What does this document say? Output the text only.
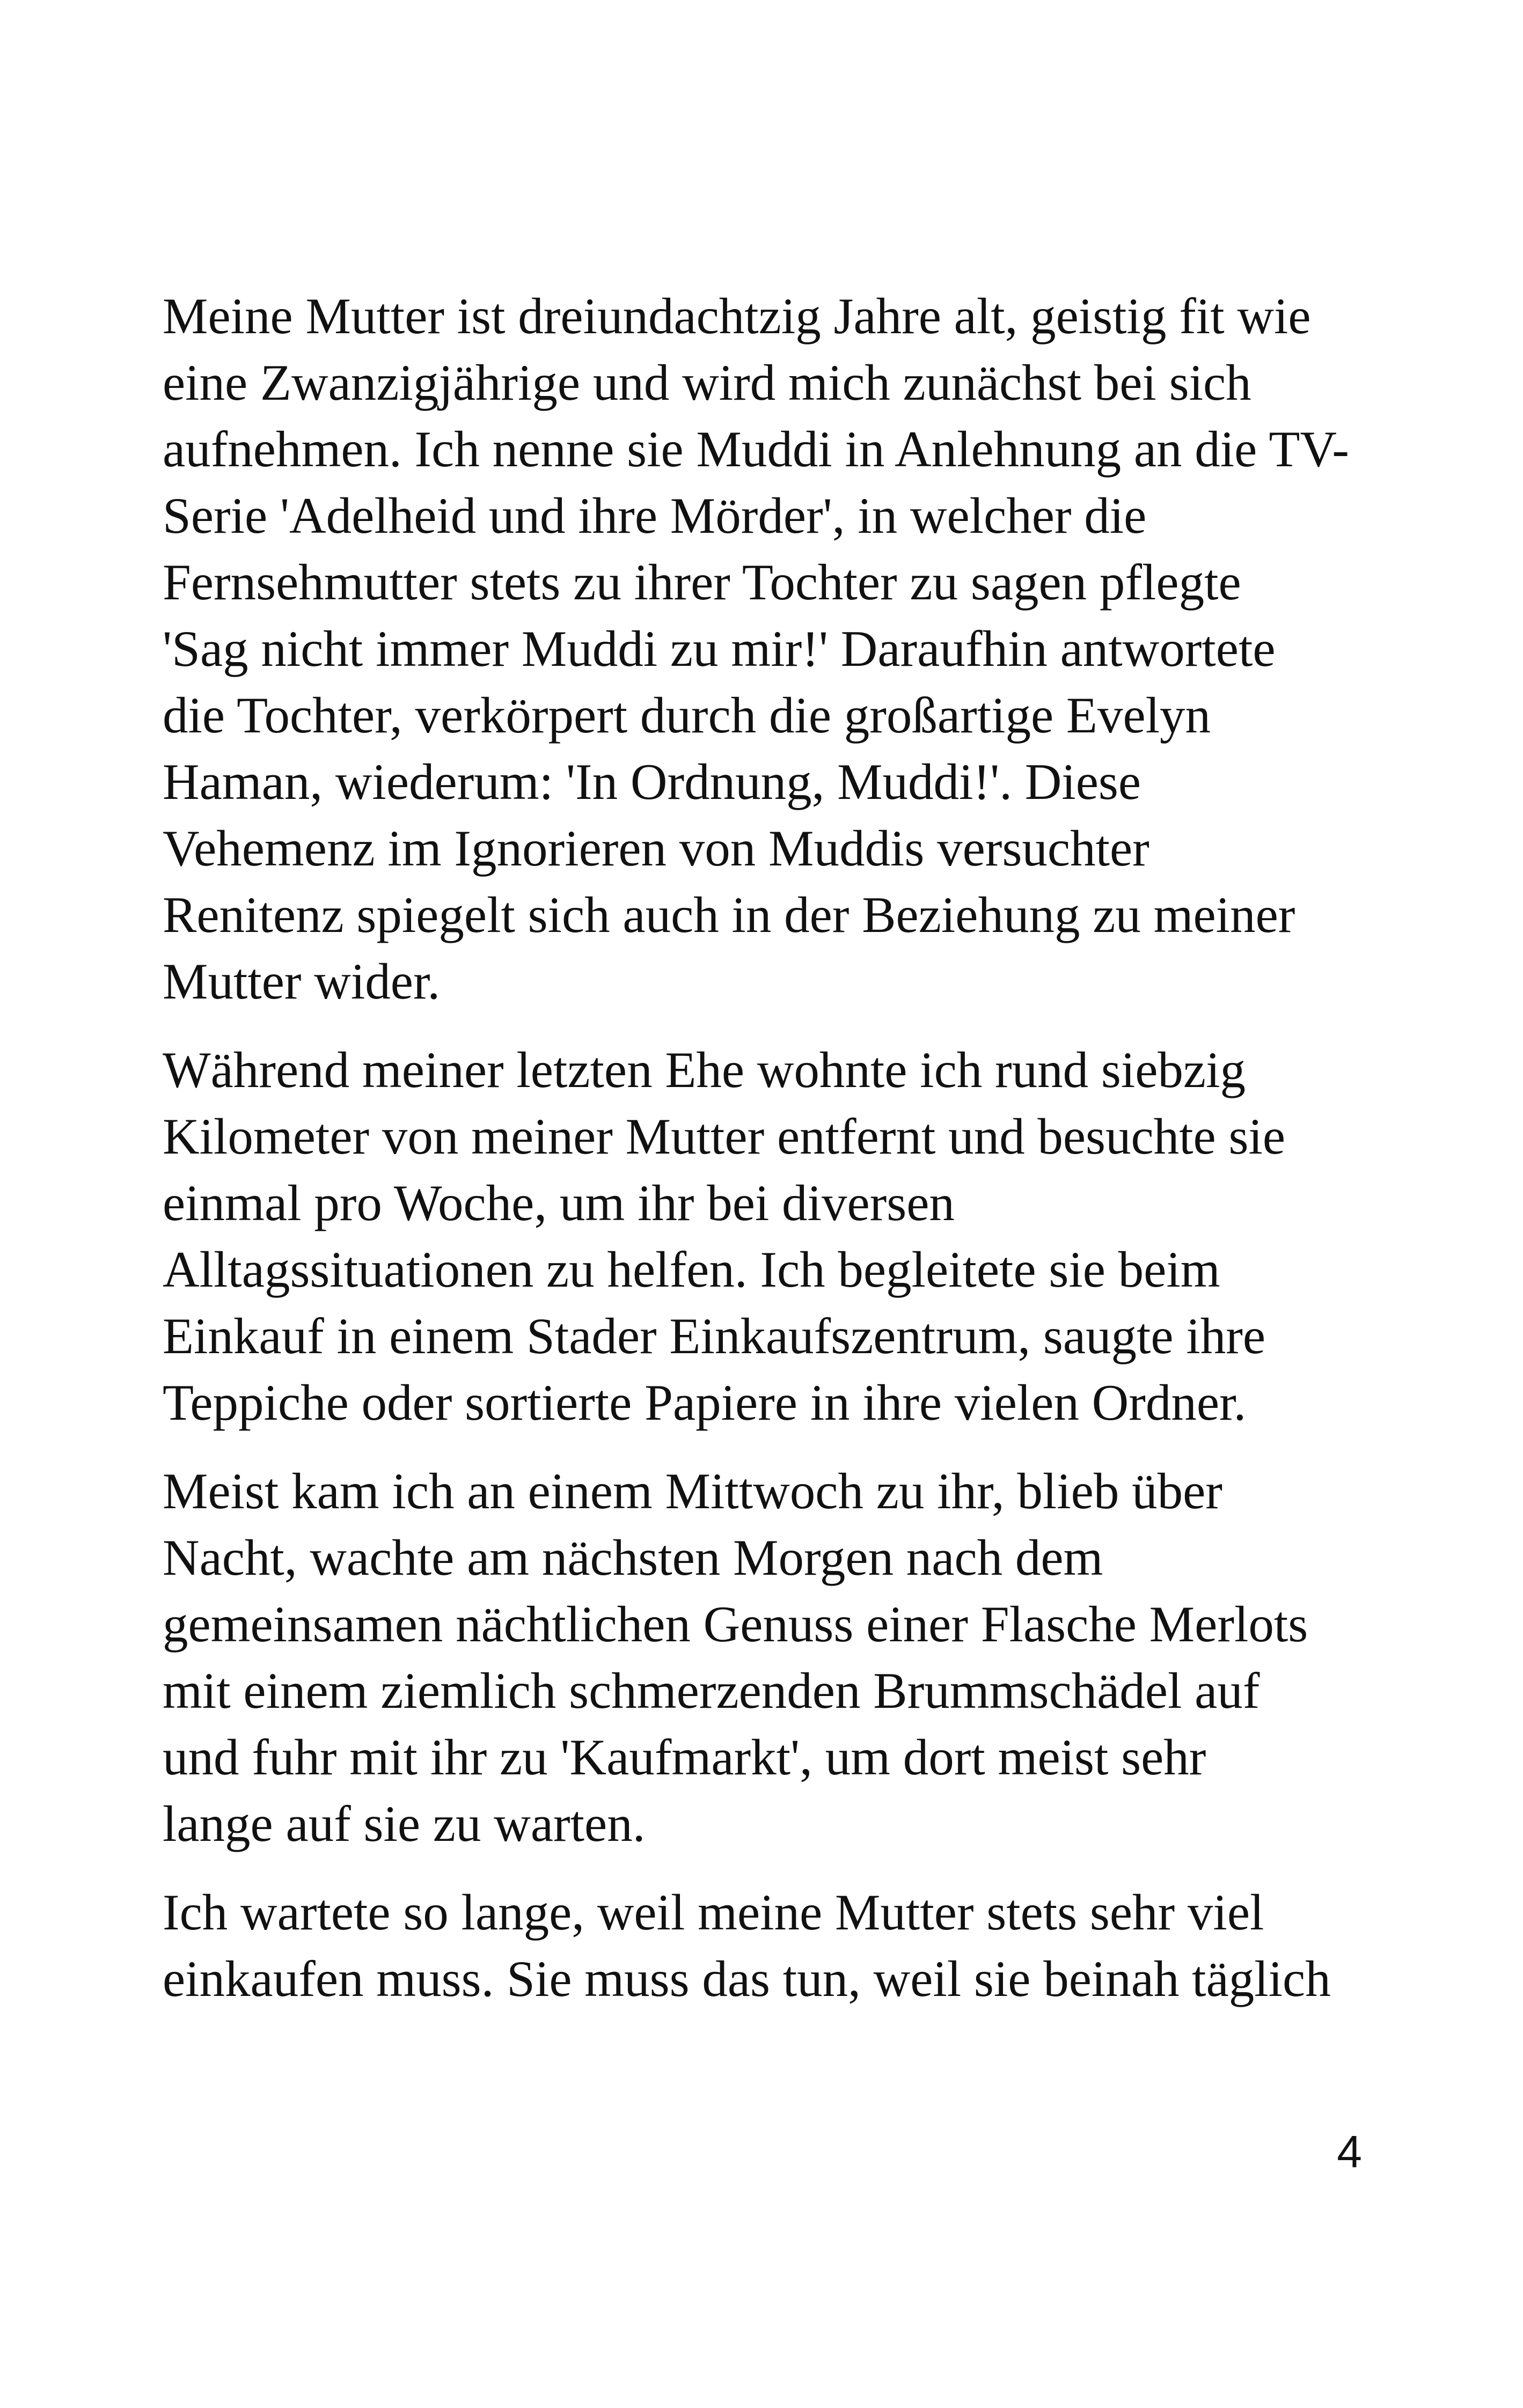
Meine Mutter ist dreiundachtzig Jahre alt, geistig fit wie
eine Zwanzigjährige und wird mich zunächst bei sich
aufnehmen. Ich nenne sie Muddi in Anlehnung an die TV-
Serie 'Adelheid und ihre Mörder', in welcher die
Fernsehmutter stets zu ihrer Tochter zu sagen pflegte
'Sag nicht immer Muddi zu mir!' Daraufhin antwortete
die Tochter, verkörpert durch die großartige Evelyn
Haman, wiederum: 'In Ordnung, Muddi!'. Diese
Vehemenz im Ignorieren von Muddis versuchter
Renitenz spiegelt sich auch in der Beziehung zu meiner
Mutter wider.

Während meiner letzten Ehe wohnte ich rund siebzig
Kilometer von meiner Mutter entfernt und besuchte sie
einmal pro Woche, um ihr bei diversen
Alltagssituationen zu helfen. Ich begleitete sie beim
Einkauf in einem Stader Einkaufszentrum, saugte ihre
Teppiche oder sortierte Papiere in ihre vielen Ordner.

Meist kam ich an einem Mittwoch zu ihr, blieb über
Nacht, wachte am nächsten Morgen nach dem
gemeinsamen nächtlichen Genuss einer Flasche Merlots
mit einem ziemlich schmerzenden Brummschädel auf
und fuhr mit ihr zu 'Kaufmarkt', um dort meist sehr
lange auf sie zu warten.

Ich wartete so lange, weil meine Mutter stets sehr viel
einkaufen muss. Sie muss das tun, weil sie beinah täglich

4
